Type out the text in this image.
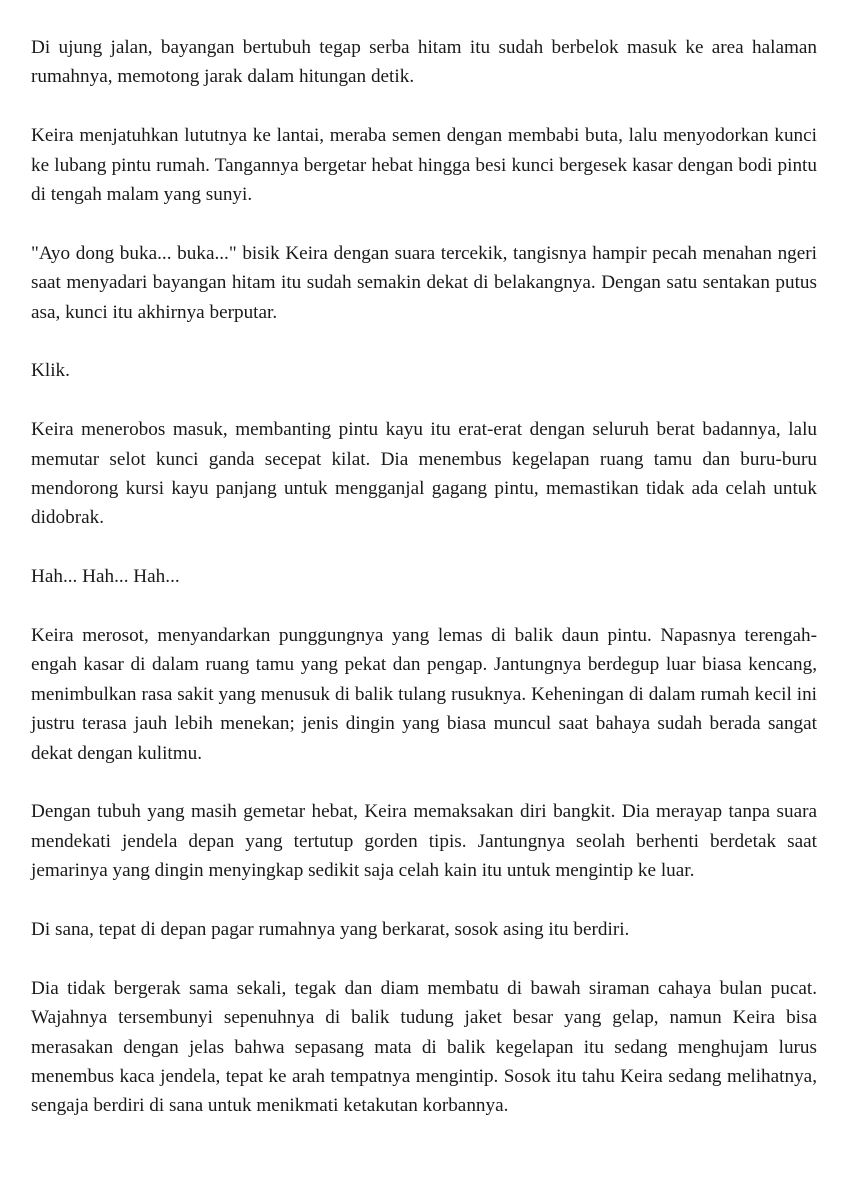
Di ujung jalan, bayangan bertubuh tegap serba hitam itu sudah berbelok masuk ke area halaman rumahnya, memotong jarak dalam hitungan detik.

Keira menjatuhkan lututnya ke lantai, meraba semen dengan membabi buta, lalu menyodorkan kunci ke lubang pintu rumah. Tangannya bergetar hebat hingga besi kunci bergesek kasar dengan bodi pintu di tengah malam yang sunyi.

"Ayo dong buka... buka..." bisik Keira dengan suara tercekik, tangisnya hampir pecah menahan ngeri saat menyadari bayangan hitam itu sudah semakin dekat di belakangnya. Dengan satu sentakan putus asa, kunci itu akhirnya berputar.

Klik.

Keira menerobos masuk, membanting pintu kayu itu erat-erat dengan seluruh berat badannya, lalu memutar selot kunci ganda secepat kilat. Dia menembus kegelapan ruang tamu dan buru-buru mendorong kursi kayu panjang untuk mengganjal gagang pintu, memastikan tidak ada celah untuk didobrak.

Hah... Hah... Hah...

Keira merosot, menyandarkan punggungnya yang lemas di balik daun pintu. Napasnya terengah-engah kasar di dalam ruang tamu yang pekat dan pengap. Jantungnya berdegup luar biasa kencang, menimbulkan rasa sakit yang menusuk di balik tulang rusuknya. Keheningan di dalam rumah kecil ini justru terasa jauh lebih menekan; jenis dingin yang biasa muncul saat bahaya sudah berada sangat dekat dengan kulitmu.

Dengan tubuh yang masih gemetar hebat, Keira memaksakan diri bangkit. Dia merayap tanpa suara mendekati jendela depan yang tertutup gorden tipis. Jantungnya seolah berhenti berdetak saat jemarinya yang dingin menyingkap sedikit saja celah kain itu untuk mengintip ke luar.

Di sana, tepat di depan pagar rumahnya yang berkarat, sosok asing itu berdiri.

Dia tidak bergerak sama sekali, tegak dan diam membatu di bawah siraman cahaya bulan pucat. Wajahnya tersembunyi sepenuhnya di balik tudung jaket besar yang gelap, namun Keira bisa merasakan dengan jelas bahwa sepasang mata di balik kegelapan itu sedang menghujam lurus menembus kaca jendela, tepat ke arah tempatnya mengintip. Sosok itu tahu Keira sedang melihatnya, sengaja berdiri di sana untuk menikmati ketakutan korbannya.
